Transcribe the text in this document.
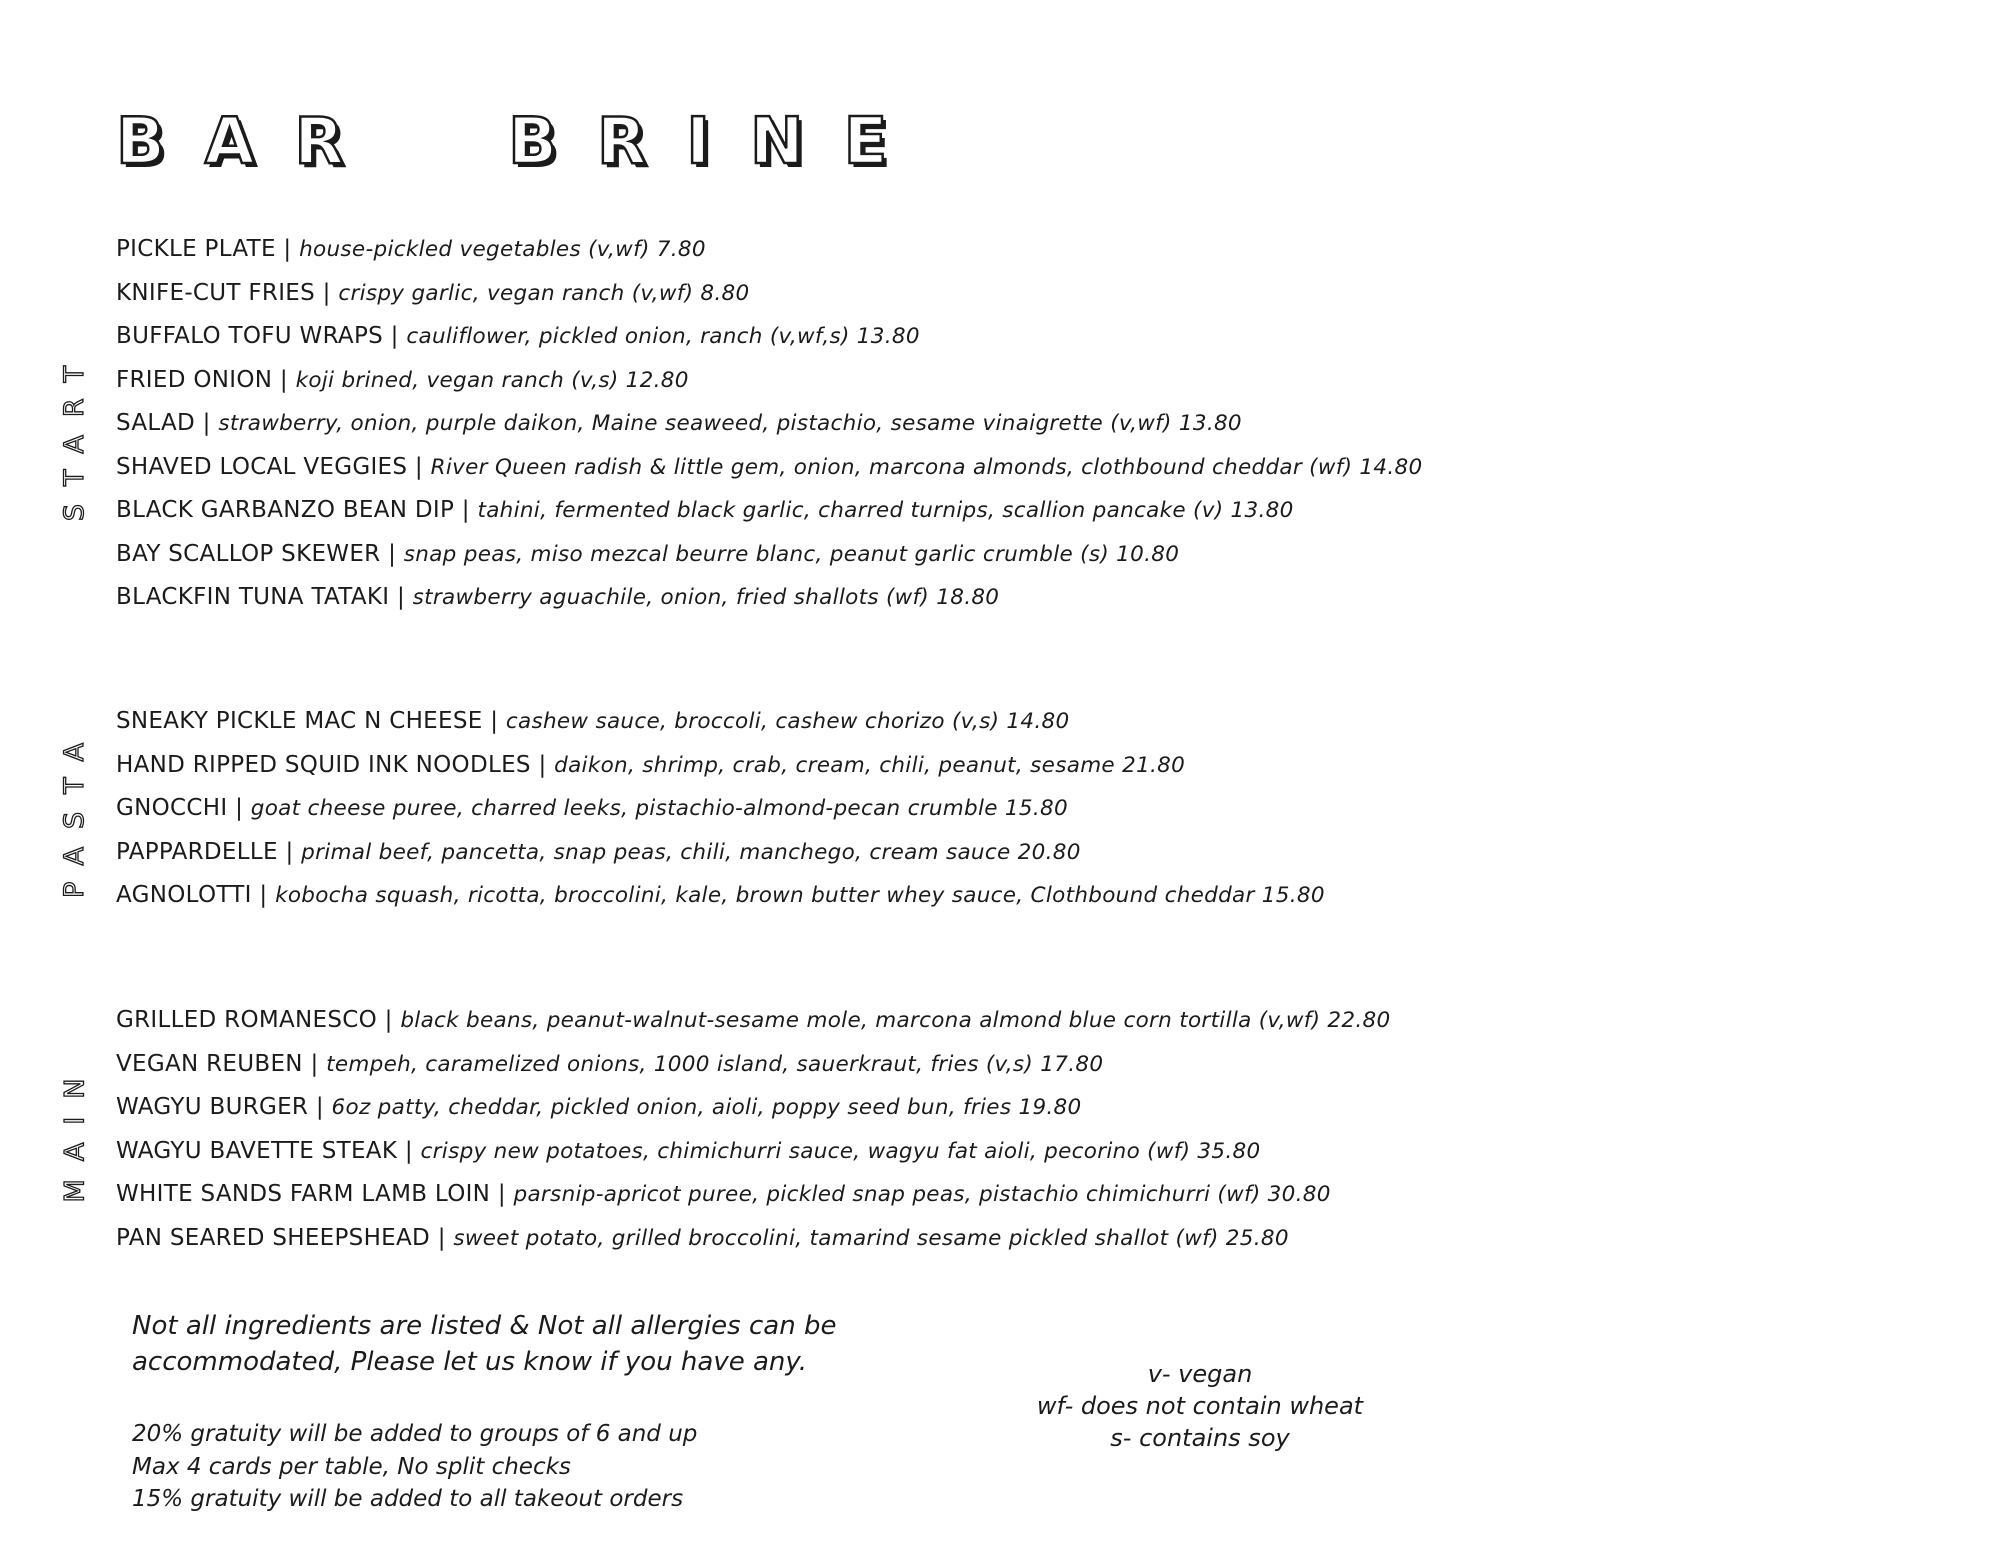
BAR  BRINE
START
PASTA
MAIN
PICKLE PLATE | house-pickled vegetables (v,wf) 7.80
KNIFE-CUT FRIES | crispy garlic, vegan ranch (v,wf) 8.80
BUFFALO TOFU WRAPS | cauliflower, pickled onion, ranch (v,wf,s) 13.80
FRIED ONION | koji brined, vegan ranch (v,s) 12.80
SALAD | strawberry, onion, purple daikon, Maine seaweed, pistachio, sesame vinaigrette (v,wf) 13.80
SHAVED LOCAL VEGGIES | River Queen radish & little gem, onion, marcona almonds, clothbound cheddar (wf) 14.80
BLACK GARBANZO BEAN DIP | tahini, fermented black garlic, charred turnips, scallion pancake (v) 13.80
BAY SCALLOP SKEWER | snap peas, miso mezcal beurre blanc, peanut garlic crumble (s) 10.80
BLACKFIN TUNA TATAKI | strawberry aguachile, onion, fried shallots (wf) 18.80
SNEAKY PICKLE MAC N CHEESE | cashew sauce, broccoli, cashew chorizo (v,s) 14.80
HAND RIPPED SQUID INK NOODLES | daikon, shrimp, crab, cream, chili, peanut, sesame 21.80
GNOCCHI | goat cheese puree, charred leeks, pistachio-almond-pecan crumble 15.80
PAPPARDELLE | primal beef, pancetta, snap peas, chili, manchego, cream sauce 20.80
AGNOLOTTI | kobocha squash, ricotta, broccolini, kale, brown butter whey sauce, Clothbound cheddar 15.80
GRILLED ROMANESCO | black beans, peanut-walnut-sesame mole, marcona almond blue corn tortilla (v,wf) 22.80
VEGAN REUBEN | tempeh, caramelized onions, 1000 island, sauerkraut, fries (v,s) 17.80
WAGYU BURGER | 6oz patty, cheddar, pickled onion, aioli, poppy seed bun, fries 19.80
WAGYU BAVETTE STEAK | crispy new potatoes, chimichurri sauce, wagyu fat aioli, pecorino (wf) 35.80
WHITE SANDS FARM LAMB LOIN | parsnip-apricot puree, pickled snap peas, pistachio chimichurri (wf) 30.80
PAN SEARED SHEEPSHEAD | sweet potato, grilled broccolini, tamarind sesame pickled shallot (wf) 25.80
Not all ingredients are listed & Not all allergies can be
accommodated, Please let us know if you have any.
20% gratuity will be added to groups of 6 and up
Max 4 cards per table, No split checks
15% gratuity will be added to all takeout orders
v- vegan
wf- does not contain wheat
s- contains soy
